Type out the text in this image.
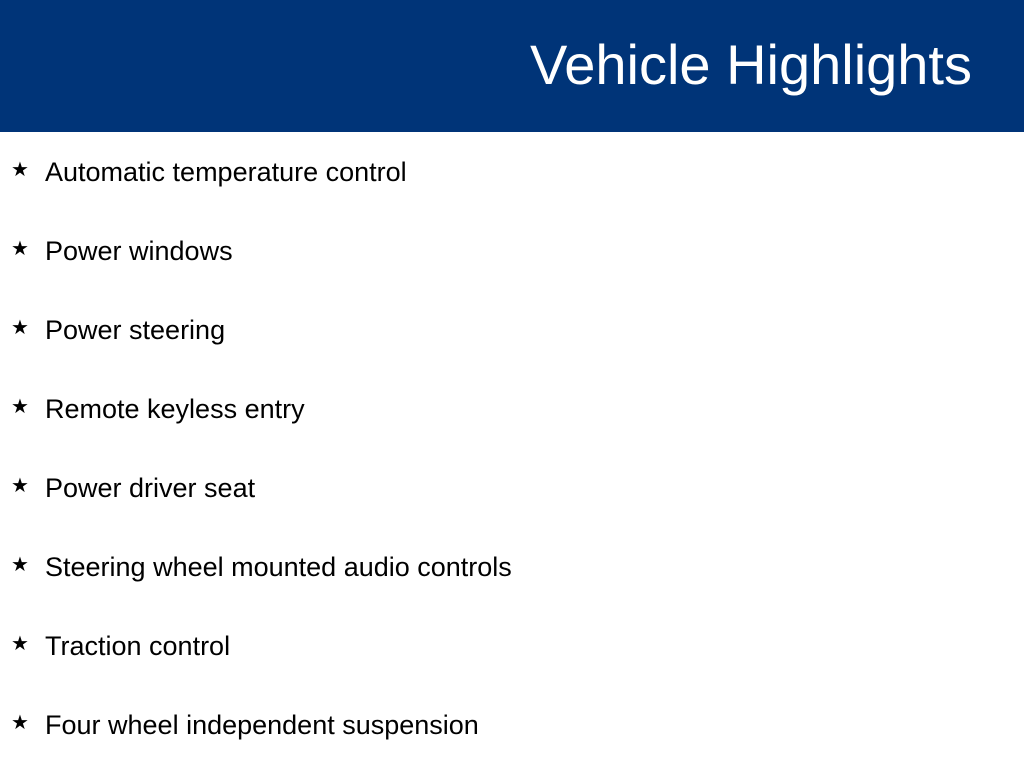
Vehicle Highlights
★ Automatic temperature control
★ Power windows
★ Power steering
★ Remote keyless entry
★ Power driver seat
★ Steering wheel mounted audio controls
★ Traction control
★ Four wheel independent suspension
